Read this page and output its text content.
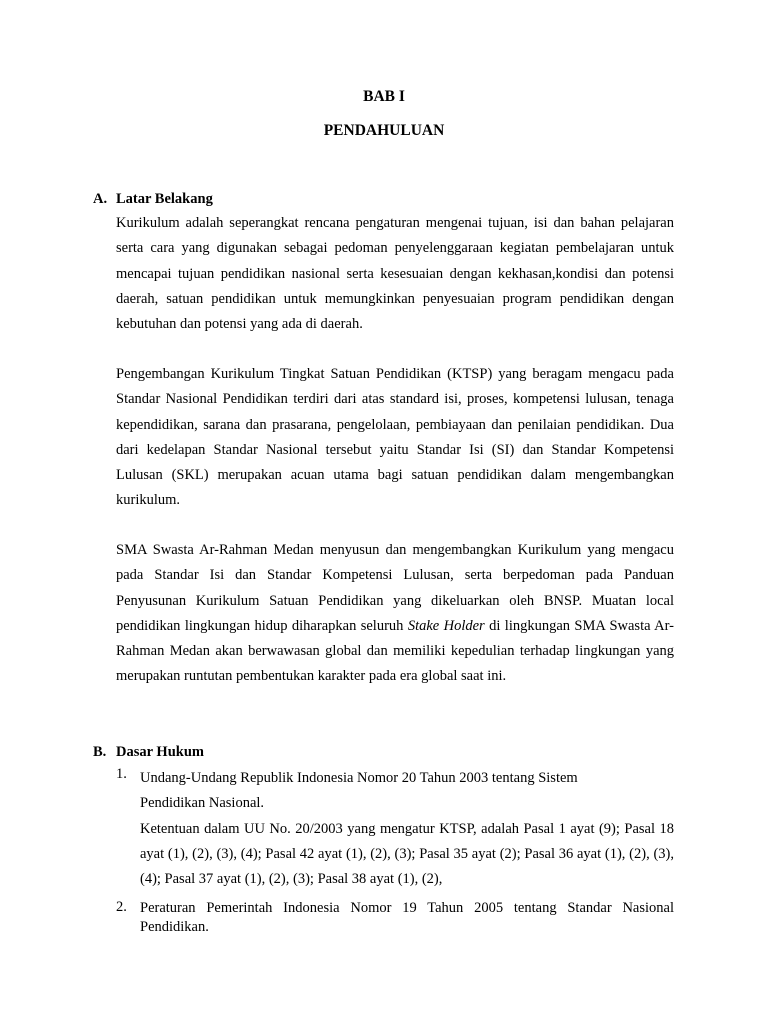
BAB I
PENDAHULUAN
A. Latar Belakang

Kurikulum adalah seperangkat rencana pengaturan mengenai tujuan, isi dan bahan pelajaran serta cara yang digunakan sebagai pedoman penyelenggaraan kegiatan pembelajaran untuk mencapai tujuan pendidikan nasional serta kesesuaian dengan kekhasan,kondisi dan potensi daerah, satuan pendidikan untuk memungkinkan penyesuaian program pendidikan dengan kebutuhan dan potensi yang ada di daerah.

Pengembangan Kurikulum Tingkat Satuan Pendidikan (KTSP) yang beragam mengacu pada Standar Nasional Pendidikan terdiri dari atas standard isi, proses, kompetensi lulusan, tenaga kependidikan, sarana dan prasarana, pengelolaan, pembiayaan dan penilaian pendidikan. Dua dari kedelapan Standar Nasional tersebut yaitu Standar Isi (SI) dan Standar Kompetensi Lulusan (SKL) merupakan acuan utama bagi satuan pendidikan dalam mengembangkan kurikulum.

SMA Swasta Ar-Rahman Medan menyusun dan mengembangkan Kurikulum yang mengacu pada Standar Isi dan Standar Kompetensi Lulusan, serta berpedoman pada Panduan Penyusunan Kurikulum Satuan Pendidikan yang dikeluarkan oleh BNSP. Muatan local pendidikan lingkungan hidup diharapkan seluruh Stake Holder di lingkungan SMA Swasta Ar-Rahman Medan akan berwawasan global dan memiliki kepedulian terhadap lingkungan yang merupakan runtutan pembentukan karakter pada era global saat ini.

B. Dasar Hukum
1. Undang-Undang Republik Indonesia Nomor 20 Tahun 2003 tentang Sistem
Pendidikan Nasional.

Ketentuan dalam UU No. 20/2003 yang mengatur KTSP, adalah Pasal 1 ayat (9); Pasal 18 ayat (1), (2), (3), (4); Pasal 42 ayat (1), (2), (3); Pasal 35 ayat (2); Pasal 36 ayat (1), (2), (3), (4); Pasal 37 ayat (1), (2), (3); Pasal 38 ayat (1), (2),

2. Peraturan Pemerintah Indonesia Nomor 19 Tahun 2005 tentang Standar Nasional Pendidikan.
